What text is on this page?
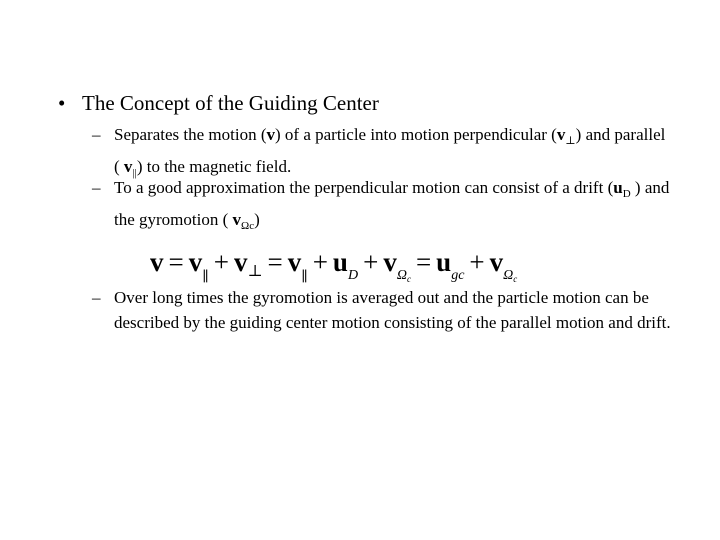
• The Concept of the Guiding Center
– Separates the motion (v) of a particle into motion perpendicular $(v_\perp)$ and parallel ( $v_{||}$) to the magnetic field.
– To a good approximation the perpendicular motion can consist of a drift ($u_D$ ) and the gyromotion ( $v_{\Omega c}$)
$v = v_\parallel+$ v⊥ = $v_\parallel+ u_D + v_{\Omega_c}= u_{gc} + v_{\Omega_c}$
– Over long times the gyromotion is averaged out and the particle motion can be described by the guiding center motion consisting of the parallel motion and drift.
